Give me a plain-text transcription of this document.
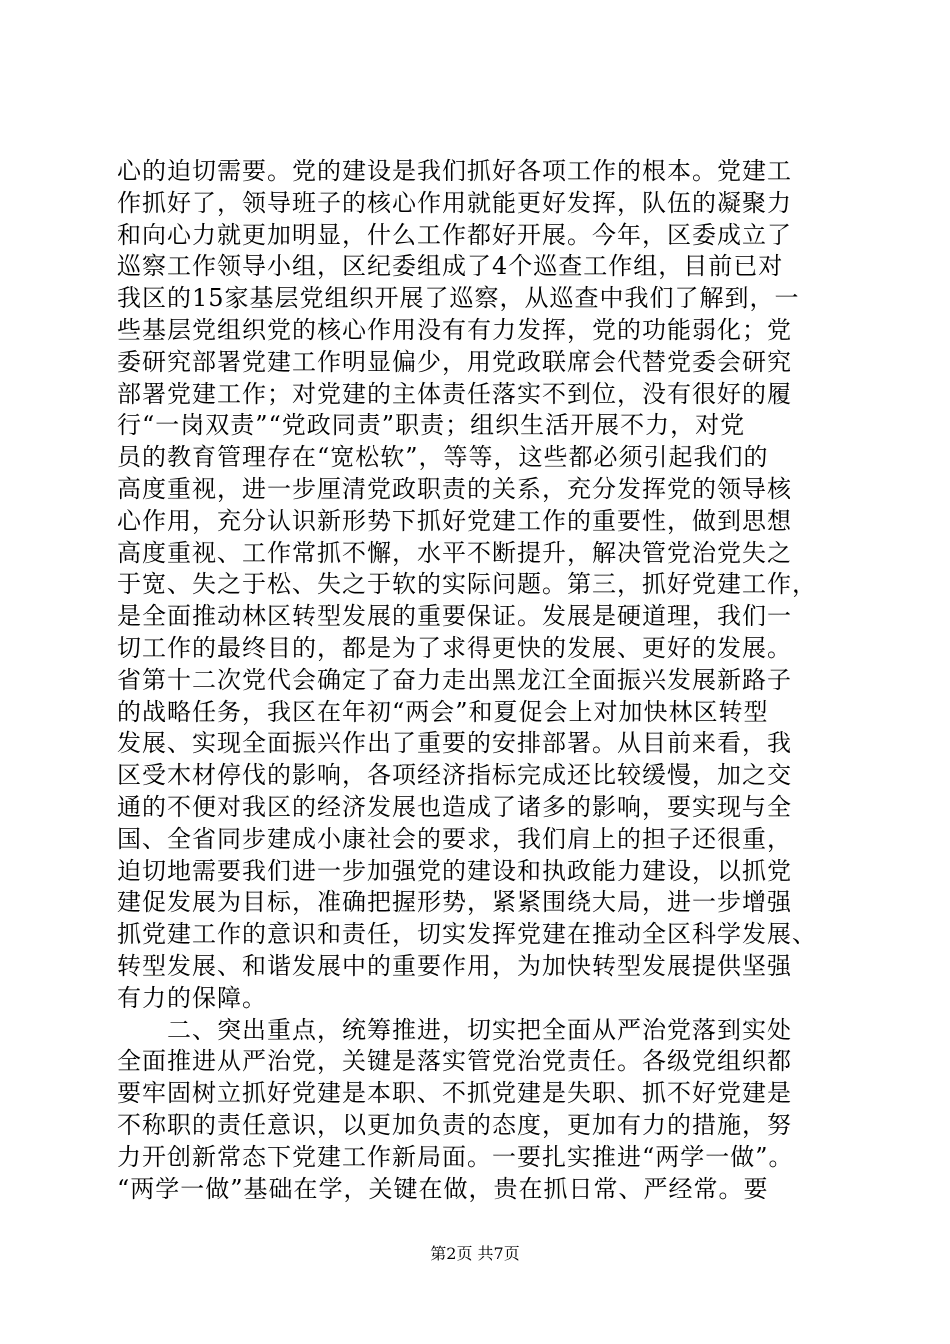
心的迫切需要。党的建设是我们抓好各项工作的根本。党建工
作抓好了，领导班子的核心作用就能更好发挥，队伍的凝聚力
和向心力就更加明显，什么工作都好开展。今年，区委成立了
巡察工作领导小组，区纪委组成了4个巡查工作组，目前已对
我区的15家基层党组织开展了巡察，从巡查中我们了解到，一
些基层党组织党的核心作用没有有力发挥，党的功能弱化；党
委研究部署党建工作明显偏少，用党政联席会代替党委会研究
部署党建工作；对党建的主体责任落实不到位，没有很好的履
行“一岗双责”“党政同责”职责；组织生活开展不力，对党
员的教育管理存在“宽松软”，等等，这些都必须引起我们的
高度重视，进一步厘清党政职责的关系，充分发挥党的领导核
心作用，充分认识新形势下抓好党建工作的重要性，做到思想
高度重视、工作常抓不懈，水平不断提升，解决管党治党失之
于宽、失之于松、失之于软的实际问题。第三，抓好党建工作，
是全面推动林区转型发展的重要保证。发展是硬道理，我们一
切工作的最终目的，都是为了求得更快的发展、更好的发展。
省第十二次党代会确定了奋力走出黑龙江全面振兴发展新路子
的战略任务，我区在年初“两会”和夏促会上对加快林区转型
发展、实现全面振兴作出了重要的安排部署。从目前来看，我
区受木材停伐的影响，各项经济指标完成还比较缓慢，加之交
通的不便对我区的经济发展也造成了诸多的影响，要实现与全
国、全省同步建成小康社会的要求，我们肩上的担子还很重，
迫切地需要我们进一步加强党的建设和执政能力建设，以抓党
建促发展为目标，准确把握形势，紧紧围绕大局，进一步增强
抓党建工作的意识和责任，切实发挥党建在推动全区科学发展、
转型发展、和谐发展中的重要作用，为加快转型发展提供坚强
有力的保障。
　　二、突出重点，统筹推进，切实把全面从严治党落到实处
全面推进从严治党，关键是落实管党治党责任。各级党组织都
要牢固树立抓好党建是本职、不抓党建是失职、抓不好党建是
不称职的责任意识，以更加负责的态度，更加有力的措施，努
力开创新常态下党建工作新局面。一要扎实推进“两学一做”。
“两学一做”基础在学，关键在做，贵在抓日常、严经常。要
第2页 共7页
